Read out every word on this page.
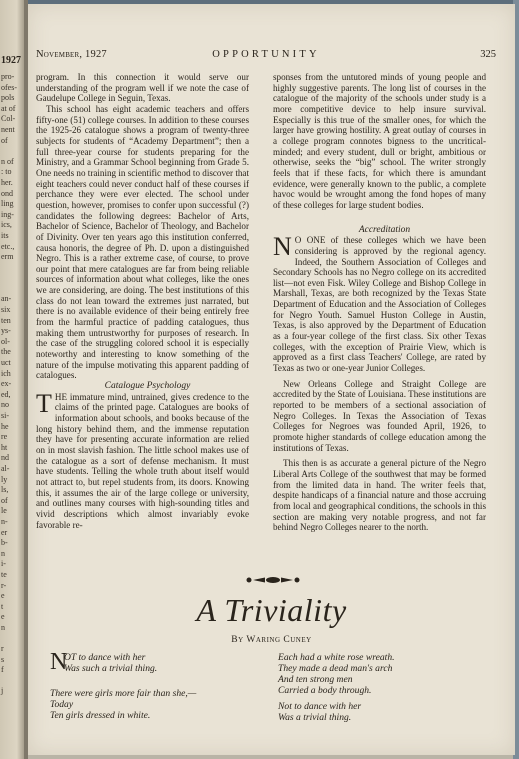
1927
pro-
ofes-
pols
at of
Col-
nent
of

n of
: to
her.
ond
ling
ing-
ics,
its
etc.,
erm

an-
six
ten
ys-
ol-
the
uct
ich
ex-
ed,
no
si-
he
re
ht
nd
al-
ly
ls,
of
le
n-
er
b-
n
i-
te
r-
e
t
e
n

r
s
f

j
November, 1927	OPPORTUNITY	325

program. In this connection it would serve our understanding of the program well if we note the case of Gaudelupe College in Seguin, Texas.

This school has eight academic teachers and offers fifty-one (51) college courses. In addition to these courses the 1925-26 catalogue shows a program of twenty-three subjects for students of “Academy Department”; then a full three-year course for students preparing for the Ministry, and a Grammar School beginning from Grade 5. One needs no training in scientific method to discover that eight teachers could never conduct half of these courses if perchance they were ever elected. The school under question, however, promises to confer upon successful (?) candidates the following degrees: Bachelor of Arts, Bachelor of Science, Bachelor of Theology, and Bachelor of Divinity. Over ten years ago this institution conferred, causa honoris, the degree of Ph. D. upon a distinguished Negro. This is a rather extreme case, of course, to prove our point that mere catalogues are far from being reliable sources of information about what colleges, like the ones we are considering, are doing. The best institutions of this class do not lean toward the extremes just narrated, but there is no available evidence of their being entirely free from the harmful practice of padding catalogues, thus making them untrustworthy for purposes of research. In the case of the struggling colored school it is especially noteworthy and interesting to know something of the nature of the impulse motivating this apparent padding of catalogues.

Catalogue Psychology

THE immature mind, untrained, gives credence to the claims of the printed page. Catalogues are books of information about schools, and books because of the long history behind them, and the immense reputation they have for presenting accurate information are relied on in most slavish fashion. The little school makes use of the catalogue as a sort of defense mechanism. It must have students. Telling the whole truth about itself would not attract to, but repel students from, its doors. Knowing this, it assumes the air of the large college or university, and outlines many courses with high-sounding titles and vivid descriptions which almost invariably evoke favorable re-

sponses from the untutored minds of young people and highly suggestive parents. The long list of courses in the catalogue of the majority of the schools under study is a more competitive device to help insure survival. Especially is this true of the smaller ones, for which the larger have growing hostility. A great outlay of courses in a college program connotes bigness to the uncritical-minded; and every student, dull or bright, ambitious or otherwise, seeks the “big” school. The writer strongly feels that if these facts, for which there is amundant evidence, were generally known to the public, a complete havoc would be wrought among the fond hopes of many of these colleges for large student bodies.

Accreditation

N O ONE of these colleges which we have been considering is approved by the regional agency. Indeed, the Southern Association of Colleges and Secondary Schools has no Negro college on its accredited list—not even Fisk. Wiley College and Bishop College in Marshall, Texas, are both recognized by the Texas State Department of Education and the Association of Colleges for Negro Youth. Samuel Huston College in Austin, Texas, is also approved by the Department of Education as a four-year college of the first class. Six other Texas colleges, with the exception of Prairie View, which is approved as a first class Teachers' College, are rated by Texas as two or one-year Junior Colleges.

New Orleans College and Straight College are accredited by the State of Louisiana. These institutions are reported to be members of a sectional association of Negro Colleges. In Texas the Association of Texas Colleges for Negroes was founded April, 1926, to promote higher standards of college education among the institutions of Texas.

This then is as accurate a general picture of the Negro Liberal Arts College of the southwest that may be formed from the limited data in hand. The writer feels that, despite handicaps of a financial nature and those accruing from local and geographical conditions, the schools in this section are making very notable progress, and not far behind Negro Colleges nearer to the north.

A Triviality
By Waring Cuney
N
OT to dance with her
Was such a trivial thing.
There were girls more fair than she,—
Today
Ten girls dressed in white.
Each had a white rose wreath.
They made a dead man's arch
And ten strong men
Carried a body through.
Not to dance with her
Was a trivial thing.
